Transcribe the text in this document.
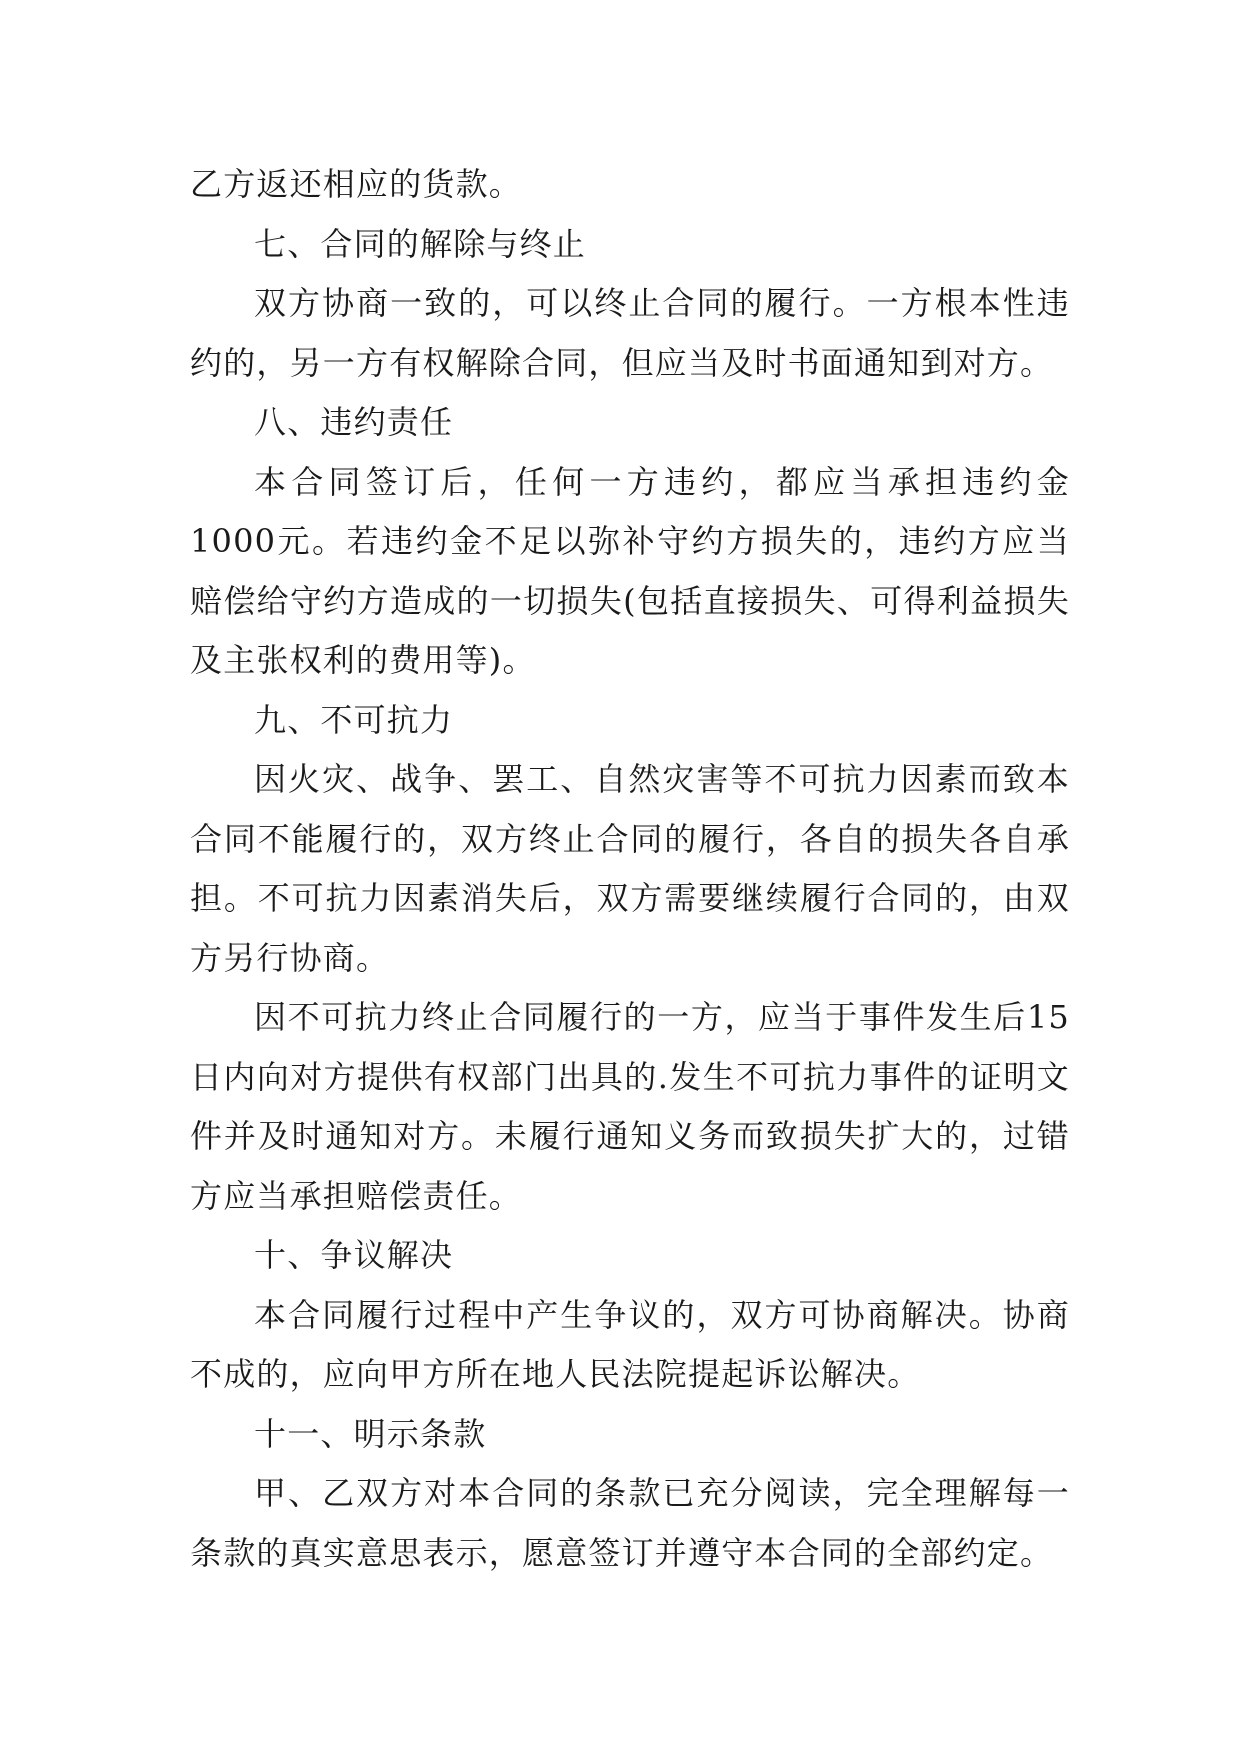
乙方返还相应的货款。

七、合同的解除与终止

双方协商一致的，可以终止合同的履行。一方根本性违约的，另一方有权解除合同，但应当及时书面通知到对方。

八、违约责任

本合同签订后，任何一方违约，都应当承担违约金1000元。若违约金不足以弥补守约方损失的，违约方应当赔偿给守约方造成的一切损失(包括直接损失、可得利益损失及主张权利的费用等)。

九、不可抗力

因火灾、战争、罢工、自然灾害等不可抗力因素而致本合同不能履行的，双方终止合同的履行，各自的损失各自承担。不可抗力因素消失后，双方需要继续履行合同的，由双方另行协商。

因不可抗力终止合同履行的一方，应当于事件发生后15日内向对方提供有权部门出具的.发生不可抗力事件的证明文件并及时通知对方。未履行通知义务而致损失扩大的，过错方应当承担赔偿责任。

十、争议解决

本合同履行过程中产生争议的，双方可协商解决。协商不成的，应向甲方所在地人民法院提起诉讼解决。

十一、明示条款

甲、乙双方对本合同的条款已充分阅读，完全理解每一条款的真实意思表示，愿意签订并遵守本合同的全部约定。
